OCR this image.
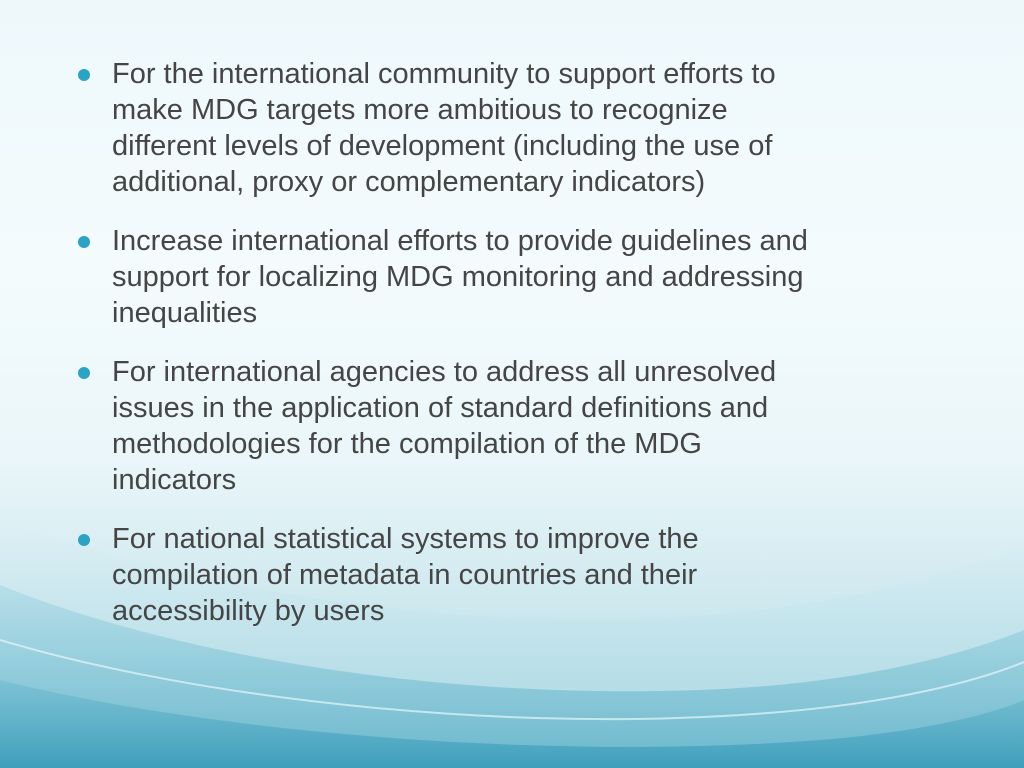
For the international community to support efforts to
make MDG targets more ambitious to recognize
different levels of development (including the use of
additional, proxy or complementary indicators)
Increase international efforts to provide guidelines and
support for localizing MDG monitoring and addressing
inequalities
For international agencies to address all unresolved
issues in the application of standard definitions and
methodologies for the compilation of the MDG
indicators
For national statistical systems to improve the
compilation of metadata in countries and their
accessibility by users
